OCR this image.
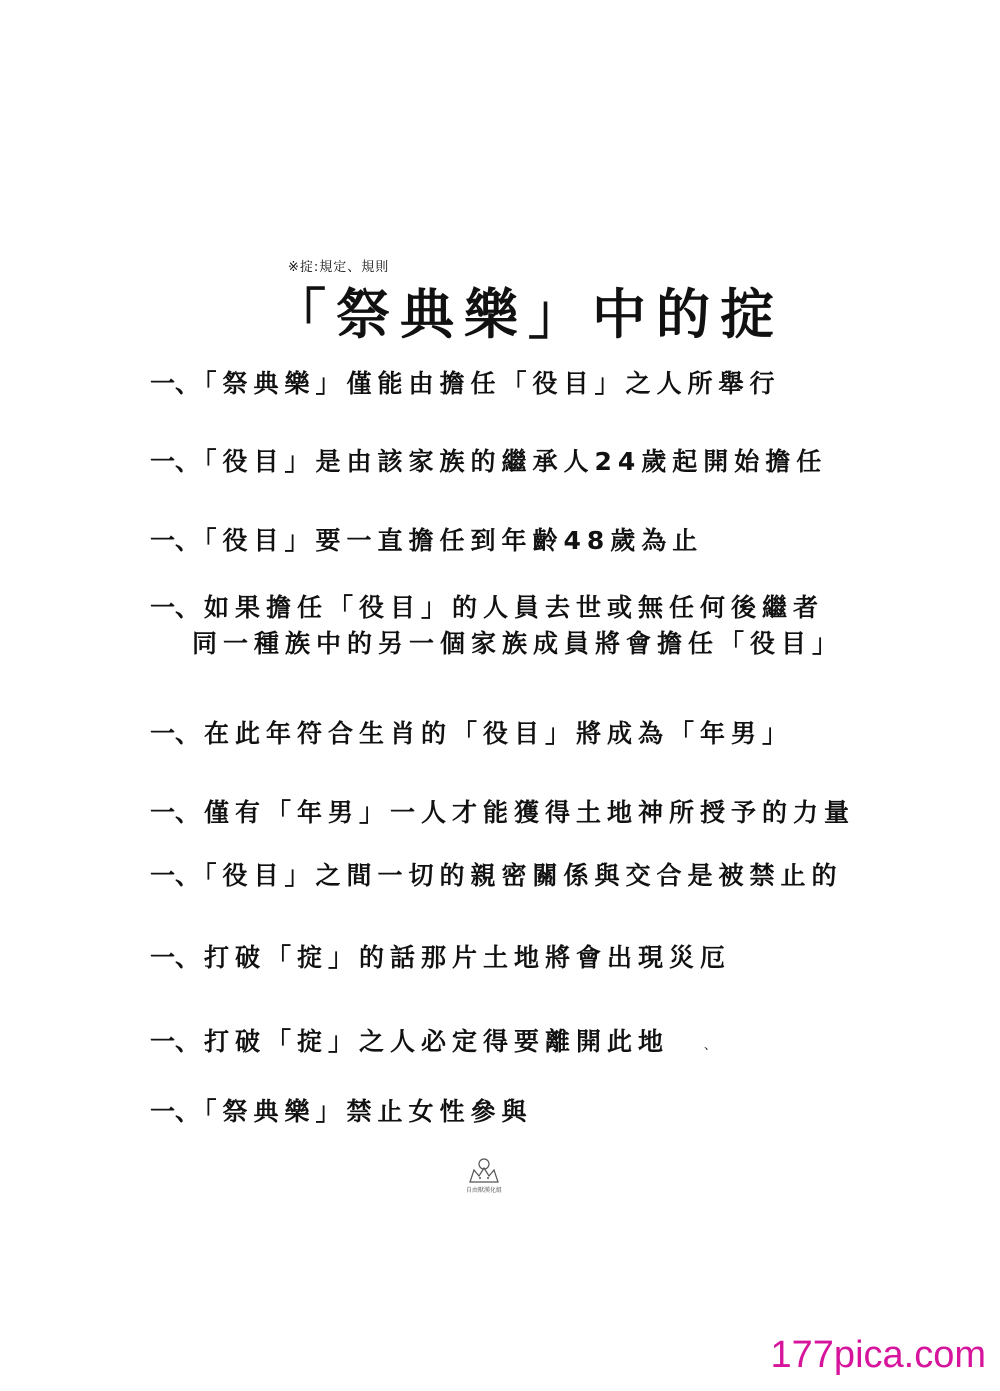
※掟:規定、規則
「祭典樂」中的掟
一、 「祭典樂」僅能由擔任「役目」之人所舉行
一、 「役目」是由該家族的繼承人24歲起開始擔任
一、 「役目」要一直擔任到年齡48歲為止
一、 如果擔任「役目」的人員去世或無任何後繼者
同一種族中的另一個家族成員將會擔任「役目」
一、 在此年符合生肖的「役目」將成為「年男」
一、 僅有「年男」一人才能獲得土地神所授予的力量
一、 「役目」之間一切的親密關係與交合是被禁止的
一、 打破「掟」的話那片土地將會出現災厄
一、 打破「掟」之人必定得要離開此地	、
一、 「祭典樂」禁止女性參與
自由獸漢化組
177pica.com
